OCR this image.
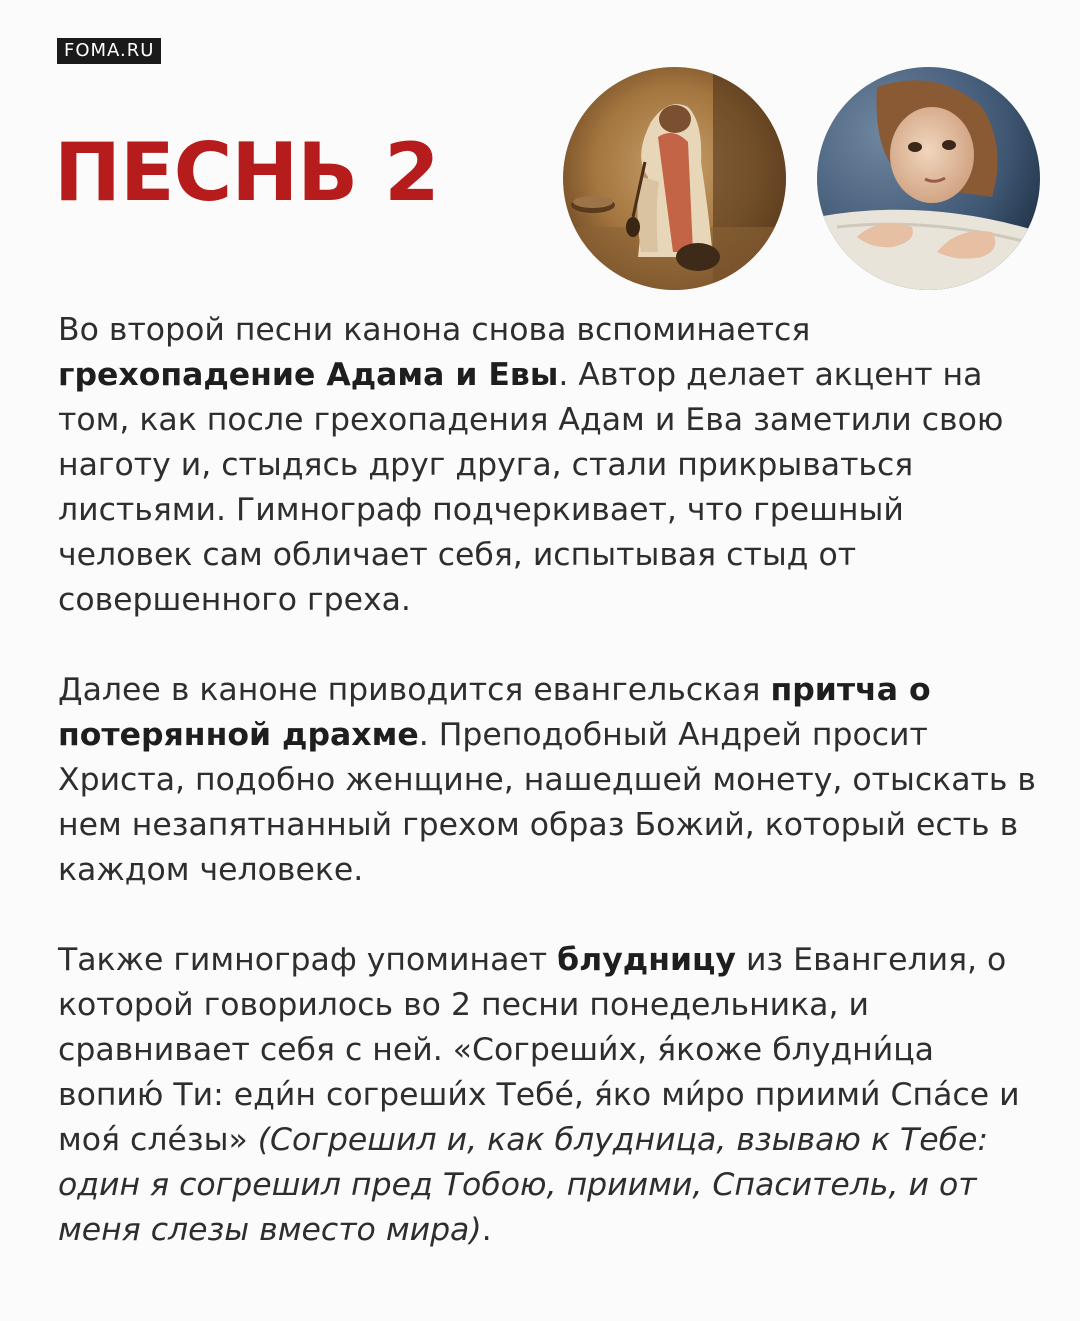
FOMA.RU
ПЕСНЬ 2

Во второй песни канона снова вспоминается грехопадение Адама и Евы. Автор делает акцент на том, как после грехопадения Адам и Ева заметили свою наготу и, стыдясь друг друга, стали прикрываться листьями. Гимнограф подчеркивает, что грешный человек сам обличает себя, испытывая стыд от совершенного греха.

Далее в каноне приводится евангельская притча о потерянной драхме. Преподобный Андрей просит Христа, подобно женщине, нашедшей монету, отыскать в нем незапятнанный грехом образ Божий, который есть в каждом человеке.

Также гимнограф упоминает блудницу из Евангелия, о которой говорилось во 2 песни понедельника, и сравнивает себя с ней. «Согреши́х, я́коже блудни́ца вопию́ Ти: еди́н согреши́х Тебе́, я́ко ми́ро приими́ Спа́се и моя́ сле́зы» (Согрешил и, как блудница, взываю к Тебе: один я согрешил пред Тобою, приими, Спаситель, и от меня слезы вместо мира).
